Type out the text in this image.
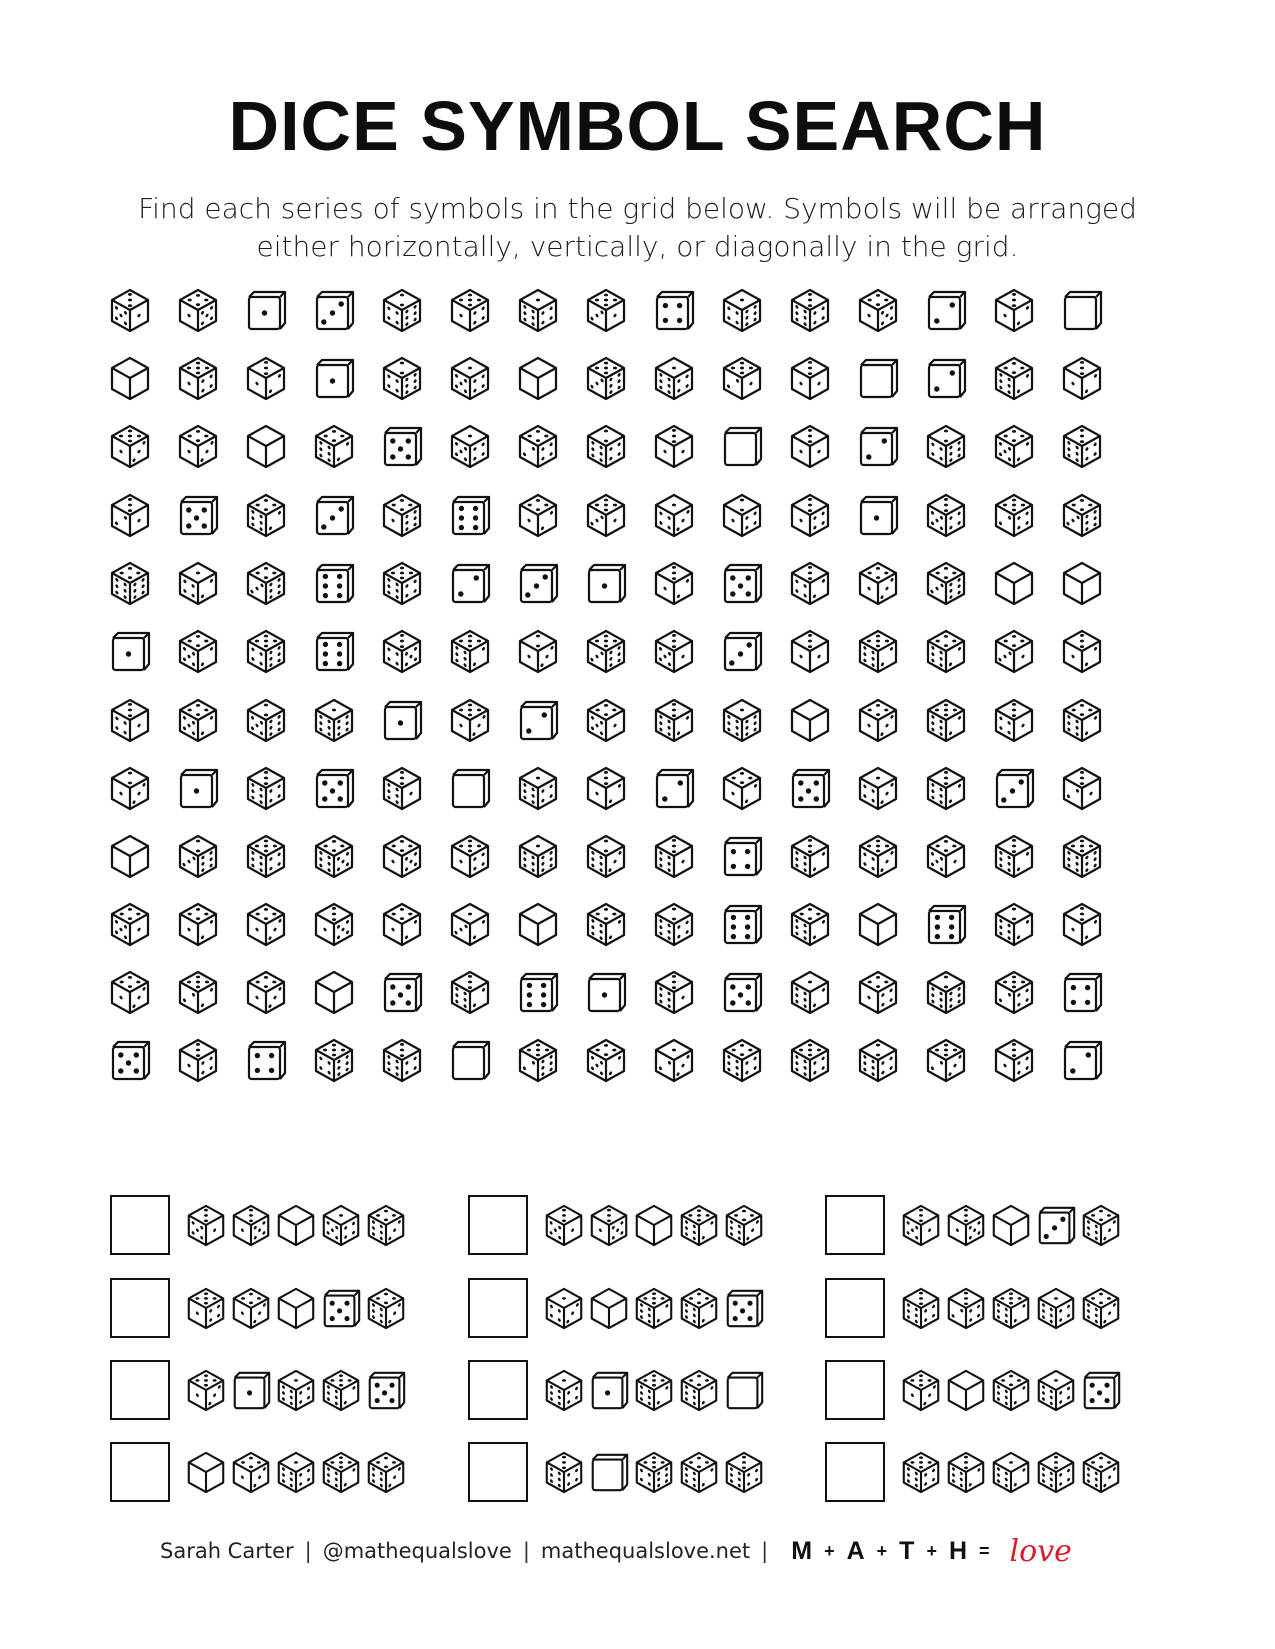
DICE SYMBOL SEARCH
Find each series of symbols in the grid below. Symbols will be arranged either horizontally, vertically, or diagonally in the grid.
Sarah Carter | @mathequalslove | mathequalslove.net | M + A + T + H = love
